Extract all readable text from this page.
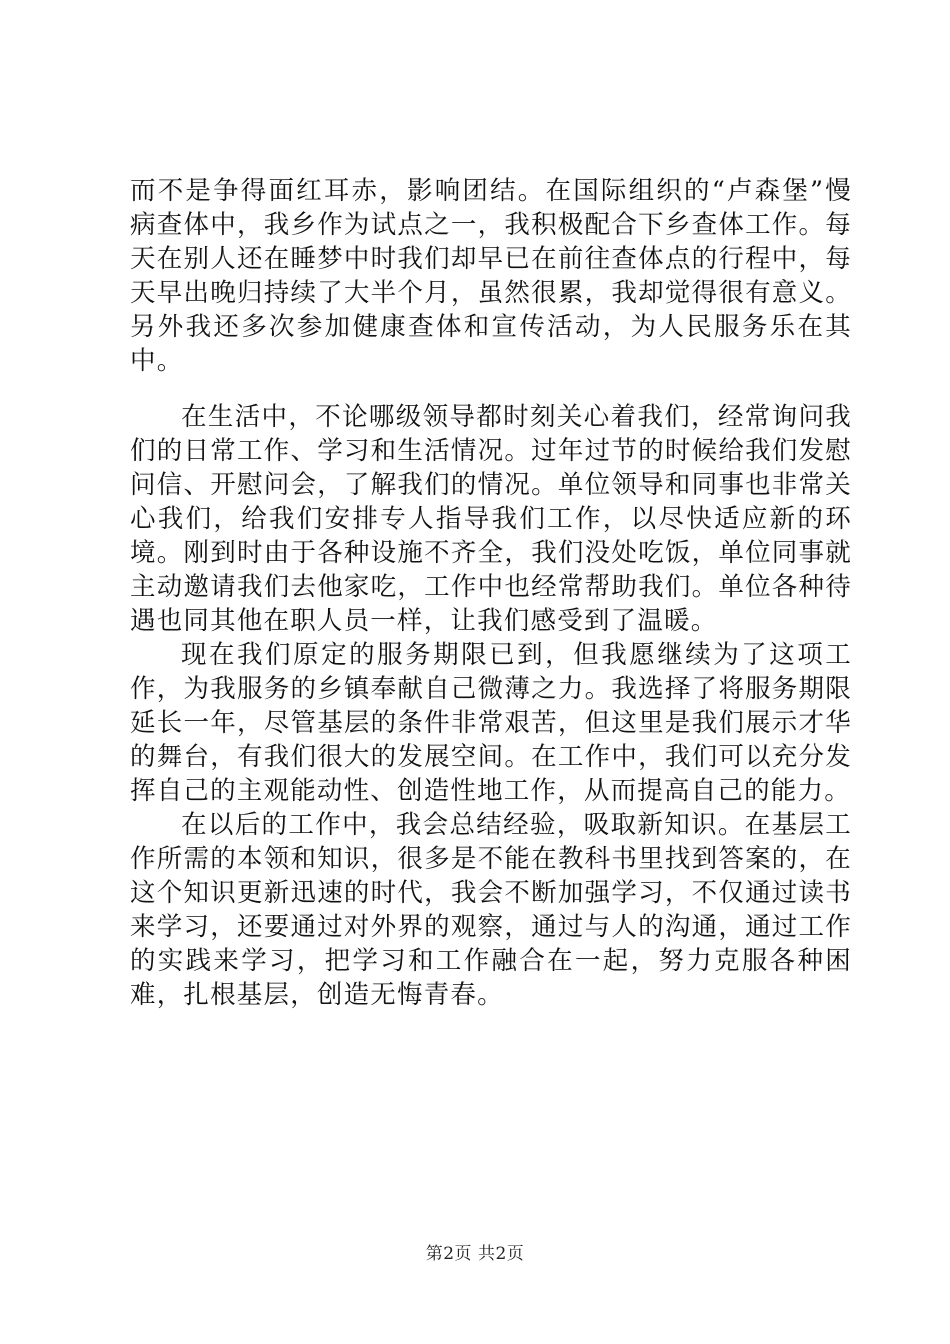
而不是争得面红耳赤，影响团结。在国际组织的“卢森堡”慢病查体中，我乡作为试点之一，我积极配合下乡查体工作。每天在别人还在睡梦中时我们却早已在前往查体点的行程中，每天早出晚归持续了大半个月，虽然很累，我却觉得很有意义。另外我还多次参加健康查体和宣传活动，为人民服务乐在其中。

在生活中，不论哪级领导都时刻关心着我们，经常询问我们的日常工作、学习和生活情况。过年过节的时候给我们发慰问信、开慰问会，了解我们的情况。单位领导和同事也非常关心我们，给我们安排专人指导我们工作，以尽快适应新的环境。刚到时由于各种设施不齐全，我们没处吃饭，单位同事就主动邀请我们去他家吃，工作中也经常帮助我们。单位各种待遇也同其他在职人员一样，让我们感受到了温暖。

现在我们原定的服务期限已到，但我愿继续为了这项工作，为我服务的乡镇奉献自己微薄之力。我选择了将服务期限延长一年，尽管基层的条件非常艰苦，但这里是我们展示才华的舞台，有我们很大的发展空间。在工作中，我们可以充分发挥自己的主观能动性、创造性地工作，从而提高自己的能力。

在以后的工作中，我会总结经验，吸取新知识。在基层工作所需的本领和知识，很多是不能在教科书里找到答案的，在这个知识更新迅速的时代，我会不断加强学习，不仅通过读书来学习，还要通过对外界的观察，通过与人的沟通，通过工作的实践来学习，把学习和工作融合在一起，努力克服各种困难，扎根基层，创造无悔青春。

第2页 共2页
